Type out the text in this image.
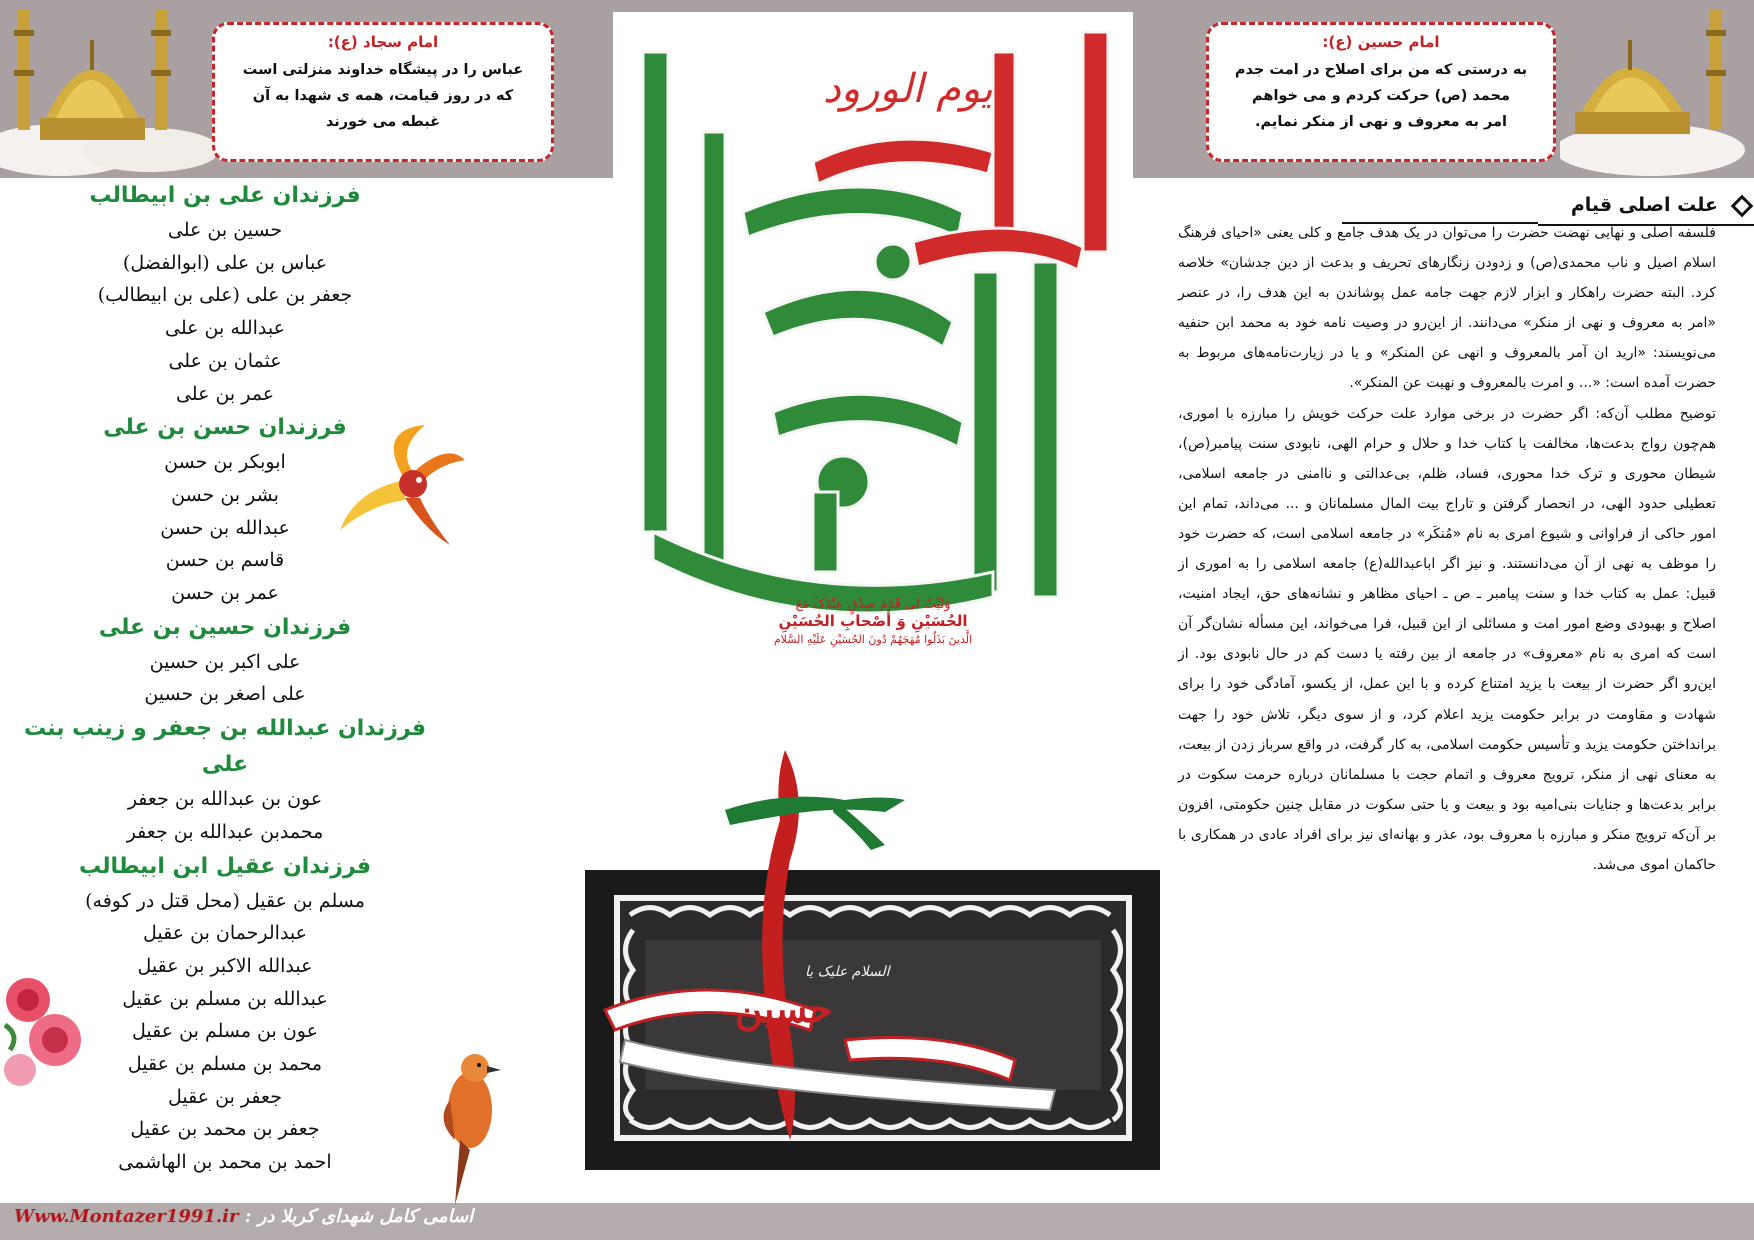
امام سجاد (ع):
عباس را در پیشگاه خداوند منزلتی است
که در روز قیامت، همه ی شهدا به آن
غبطه می خورند
امام حسین (ع):
به درستی که من برای اصلاح در امت جدم
محمد (ص) حرکت کردم و می خواهم
امر به معروف و نهی از منکر نمایم.
فرزندان علی بن ابیطالب
حسین بن علی
عباس بن علی (ابوالفضل)
جعفر بن علی (علی بن ابیطالب)
عبدالله بن علی
عثمان بن علی
عمر بن علی
فرزندان حسن بن علی
ابوبکر بن حسن
بشر بن حسن
عبدالله بن حسن
قاسم بن حسن
عمر بن حسن
فرزندان حسین بن علی
علی اکبر بن حسین
علی اصغر بن حسین
فرزندان عبدالله بن جعفر و زینب بنت علی
عون بن عبدالله بن جعفر
محمدبن عبدالله بن جعفر
فرزندان عقیل ابن ابیطالب
مسلم بن عقیل (محل قتل در کوفه)
عبدالرحمان بن عقیل
عبدالله الاکبر بن عقیل
عبدالله بن مسلم بن عقیل
عون بن مسلم بن عقیل
محمد بن مسلم بن عقیل
جعفر بن عقیل
جعفر بن محمد بن عقیل
احمد بن محمد بن الهاشمی
یوم الورود
وَثَبِّتْ لی قَدَمَ صِدْقٍ عِنْدَکَ مَعَ
الحُسَیْنِ وَ أَصْحابِ الحُسَیْنِ
الَّذینَ بَذَلُوا مُهَجَهُمْ دُونَ الحُسَیْنِ عَلَیْهِ السَّلام
حسین
السلام علیک یا
علت اصلی قیام

فلسفه اصلی و نهایی نهضت حضرت را می‌توان در یک هدف جامع و کلی یعنی «احیای فرهنگ اسلام اصیل و ناب محمدی(ص) و زدودن زنگارهای تحریف و بدعت از دین جدشان» خلاصه کرد. البته حضرت راهکار و ابزار لازم جهت جامه عمل پوشاندن به این هدف را، در عنصر «امر به معروف و نهی از منکر» می‌دانند. از این‌رو در وصیت نامه خود به محمد ابن حنفیه می‌نویسند: «ارید ان آمر بالمعروف و انهی عن المنکر» و یا در زیارت‌نامه‌های مربوط به حضرت آمده است: «... و امرت بالمعروف و نهیت عن المنکر».

توضیح مطلب آن‌که: اگر حضرت در برخی موارد علت حرکت خویش را مبارزه با اموری، هم‌چون رواج بدعت‌ها، مخالفت با کتاب خدا و حلال و حرام الهی، نابودی سنت پیامبر(ص)، شیطان محوری و ترک خدا محوری، فساد، ظلم، بی‌عدالتی و ناامنی در جامعه اسلامی، تعطیلی حدود الهی، در انحصار گرفتن و تاراج بیت المال مسلمانان و ... می‌داند، تمام این امور حاکی از فراوانی و شیوع امری به نام «مُنکَر» در جامعه اسلامی است، که حضرت خود را موظف به نهی از آن می‌دانستند. و نیز اگر اباعبدالله(ع) جامعه اسلامی را به اموری از قبیل: عمل به کتاب خدا و سنت پیامبر ـ ص ـ احیای مظاهر و نشانه‌های حق، ایجاد امنیت، اصلاح و بهبودی وضع امور امت و مسائلی از این قبیل، فرا می‌خواند، این مسأله نشان‌گر آن است که امری به نام «معروف» در جامعه از بین رفته یا دست کم در حال نابودی بود. از این‌رو اگر حضرت از بیعت با یزید امتناع کرده و با این عمل، از یکسو، آمادگی خود را برای شهادت و مقاومت در برابر حکومت یزید اعلام کرد، و از سوی دیگر، تلاش خود را جهت برانداختن حکومت یزید و تأسیس حکومت اسلامی، به کار گرفت، در واقع سرباز زدن از بیعت، به معنای نهی از منکر، ترویج معروف و اتمام حجت با مسلمانان درباره حرمت سکوت در برابر بدعت‌ها و جنایات بنی‌امیه بود و بیعت و یا حتی سکوت در مقابل چنین حکومتی، افزون بر آن‌که ترویج منکر و مبارزه با معروف بود، عذر و بهانه‌ای نیز برای افراد عادی در همکاری با حاکمان اموی می‌شد.

Www.Montazer1991.ir اسامی کامل شهدای کربلا در :
